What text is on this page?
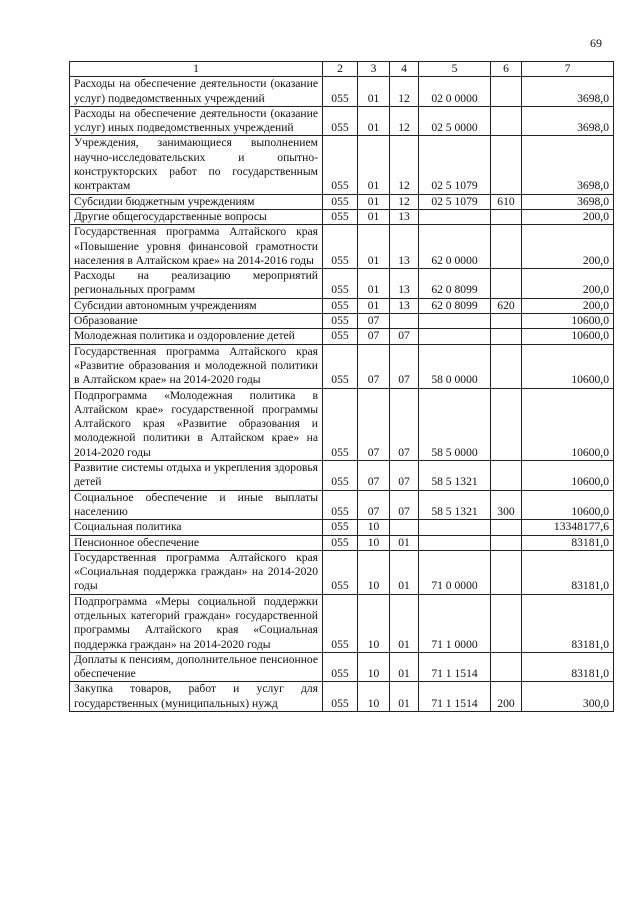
69
1	2	3	4	5	6	7
Расходы на обеспечение деятельности (оказание услуг) подведомственных учреждений	055	01	12	02 0 0000		3698,0
Расходы на обеспечение деятельности (оказание услуг) иных подведомственных учреждений	055	01	12	02 5 0000		3698,0
Учреждения, занимающиеся выполнением научно-исследовательских и опытно-конструкторских работ по государственным контрактам	055	01	12	02 5 1079		3698,0
Субсидии бюджетным учреждениям	055	01	12	02 5 1079	610	3698,0
Другие общегосударственные вопросы	055	01	13			200,0
Государственная программа Алтайского края «Повышение уровня финансовой грамотности населения в Алтайском крае» на 2014-2016 годы	055	01	13	62 0 0000		200,0
Расходы на реализацию мероприятий региональных программ	055	01	13	62 0 8099		200,0
Субсидии автономным учреждениям	055	01	13	62 0 8099	620	200,0
Образование	055	07				10600,0
Молодежная политика и оздоровление детей	055	07	07			10600,0
Государственная программа Алтайского края «Развитие образования и молодежной политики в Алтайском крае» на 2014-2020 годы	055	07	07	58 0 0000		10600,0
Подпрограмма «Молодежная политика в Алтайском крае» государственной программы Алтайского края «Развитие образования и молодежной политики в Алтайском крае» на 2014-2020 годы	055	07	07	58 5 0000		10600,0
Развитие системы отдыха и укрепления здоровья детей	055	07	07	58 5 1321		10600,0
Социальное обеспечение и иные выплаты населению	055	07	07	58 5 1321	300	10600,0
Социальная политика	055	10				13348177,6
Пенсионное обеспечение	055	10	01			83181,0
Государственная программа Алтайского края «Социальная поддержка граждан» на 2014-2020 годы	055	10	01	71 0 0000		83181,0
Подпрограмма «Меры социальной поддержки отдельных категорий граждан» государственной программы Алтайского края «Социальная поддержка граждан» на 2014-2020 годы	055	10	01	71 1 0000		83181,0
Доплаты к пенсиям, дополнительное пенсионное обеспечение	055	10	01	71 1 1514		83181,0
Закупка товаров, работ и услуг для государственных (муниципальных) нужд	055	10	01	71 1 1514	200	300,0
